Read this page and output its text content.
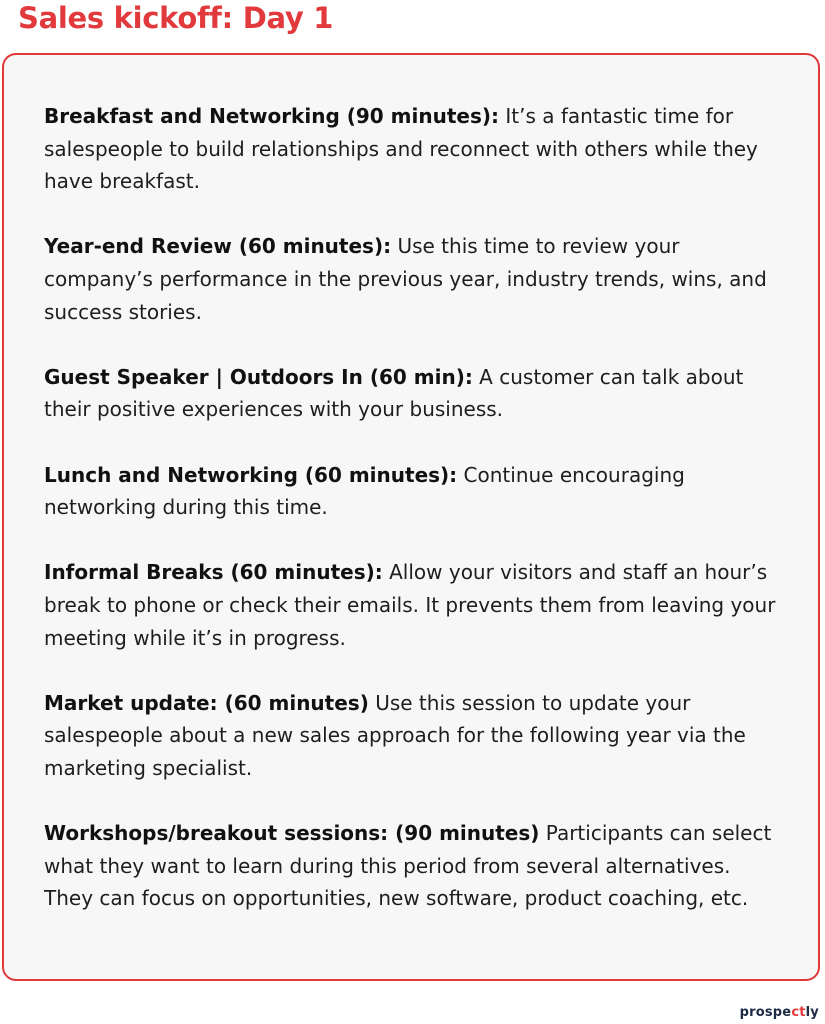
Sales kickoff: Day 1

Breakfast and Networking (90 minutes): It’s a fantastic time for salespeople to build relationships and reconnect with others while they have breakfast.

Year-end Review (60 minutes): Use this time to review your company’s performance in the previous year, industry trends, wins, and success stories.

Guest Speaker | Outdoors In (60 min): A customer can talk about their positive experiences with your business.

Lunch and Networking (60 minutes): Continue encouraging networking during this time.

Informal Breaks (60 minutes): Allow your visitors and staff an hour’s break to phone or check their emails. It prevents them from leaving your meeting while it’s in progress.

Market update: (60 minutes) Use this session to update your salespeople about a new sales approach for the following year via the marketing specialist.

Workshops/breakout sessions: (90 minutes) Participants can select what they want to learn during this period from several alternatives. They can focus on opportunities, new software, product coaching, etc.

prospectly
